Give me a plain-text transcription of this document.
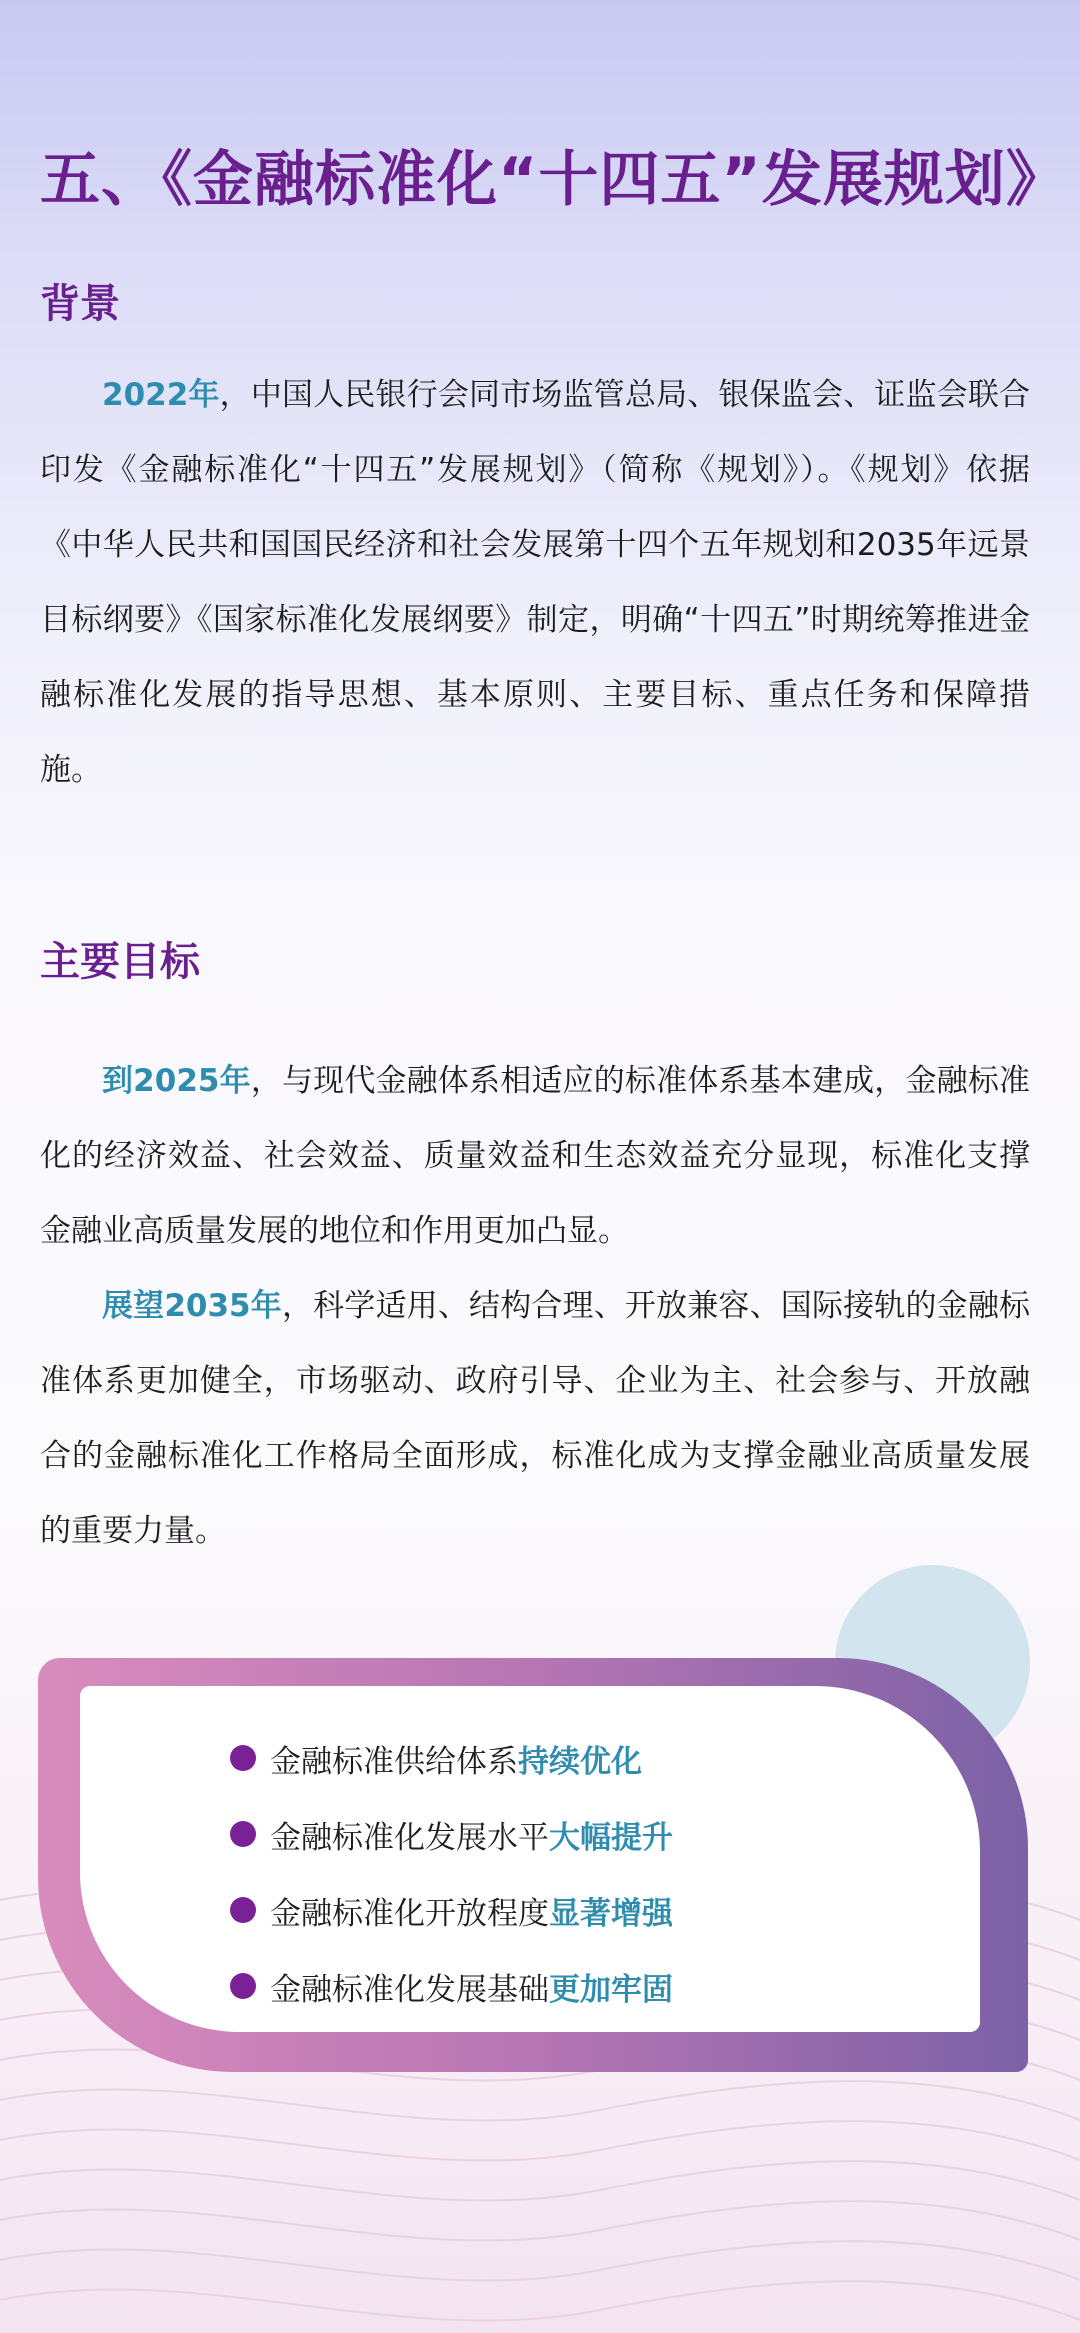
五、《金融标准化“十四五”发展规划》
背景

2022年，中国人民银行会同市场监管总局、银保监会、证监会联合印发《金融标准化“十四五”发展规划》（简称《规划》）。《规划》依据《中华人民共和国国民经济和社会发展第十四个五年规划和2035年远景目标纲要》《国家标准化发展纲要》制定，明确“十四五”时期统筹推进金融标准化发展的指导思想、基本原则、主要目标、重点任务和保障措施。

主要目标

到2025年，与现代金融体系相适应的标准体系基本建成，金融标准化的经济效益、社会效益、质量效益和生态效益充分显现，标准化支撑金融业高质量发展的地位和作用更加凸显。

展望2035年，科学适用、结构合理、开放兼容、国际接轨的金融标准体系更加健全，市场驱动、政府引导、企业为主、社会参与、开放融合的金融标准化工作格局全面形成，标准化成为支撑金融业高质量发展的重要力量。

金融标准供给体系 持续优化
金融标准化发展水平 大幅提升
金融标准化开放程度 显著增强
金融标准化发展基础 更加牢固
